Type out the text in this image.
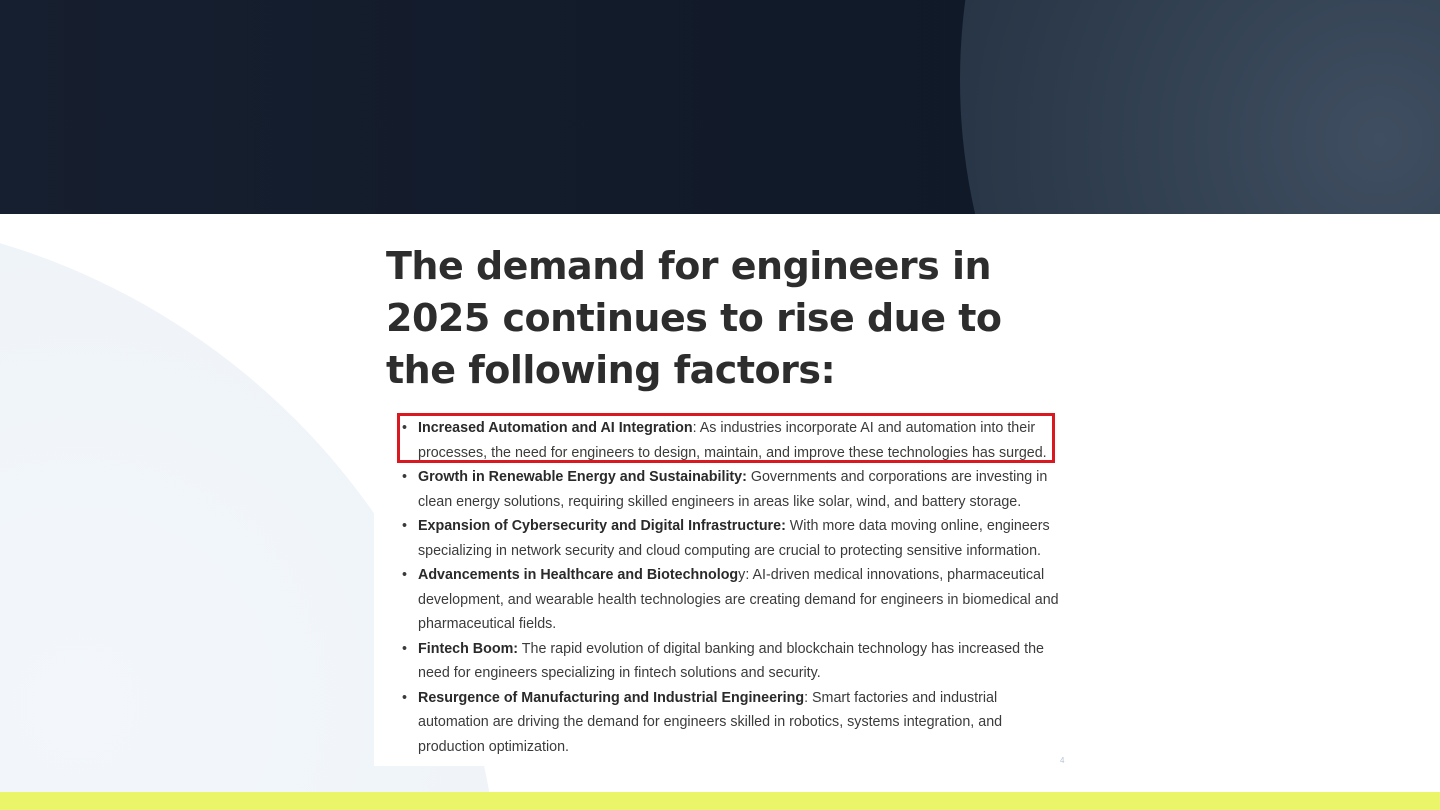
The demand for engineers in 2025 continues to rise due to the following factors:
• Increased Automation and AI Integration: As industries incorporate AI and automation into their processes, the need for engineers to design, maintain, and improve these technologies has surged.
• Growth in Renewable Energy and Sustainability: Governments and corporations are investing in clean energy solutions, requiring skilled engineers in areas like solar, wind, and battery storage.
• Expansion of Cybersecurity and Digital Infrastructure: With more data moving online, engineers specializing in network security and cloud computing are crucial to protecting sensitive information.
• Advancements in Healthcare and Biotechnology: AI-driven medical innovations, pharmaceutical development, and wearable health technologies are creating demand for engineers in biomedical and pharmaceutical fields.
• Fintech Boom: The rapid evolution of digital banking and blockchain technology has increased the need for engineers specializing in fintech solutions and security.
• Resurgence of Manufacturing and Industrial Engineering: Smart factories and industrial automation are driving the demand for engineers skilled in robotics, systems integration, and production optimization.
4
